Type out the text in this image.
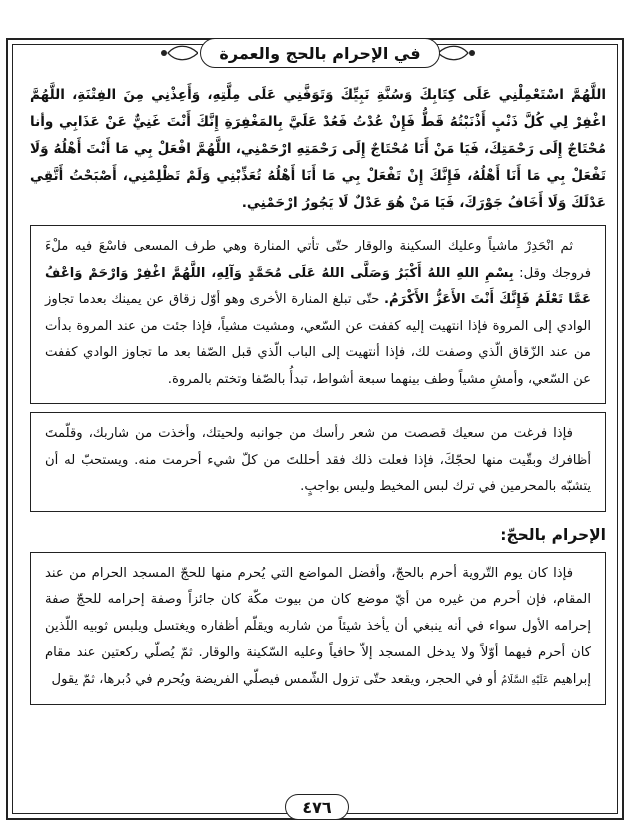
في الإحرام بالحج والعمرة

اللَّهُمَّ اسْتَعْمِلْنِي عَلَى كِتَابِكَ وَسُنَّةِ نَبِيِّكَ وَتَوَفَّنِي عَلَى مِلَّتِهِ، وَأَعِذْنِي مِنَ الفِتْنَةِ، اللَّهُمَّ اغْفِرْ لِي كُلَّ ذَنْبٍ أَذْنَبْتُهُ قَطُّ فَإِنْ عُدْتُ فَعُدْ عَلَيَّ بِالمَغْفِرَةِ إِنَّكَ أَنْتَ غَنِيٌّ عَنْ عَذَابِي وأنا مُحْتَاجٌ إِلَى رَحْمَتِكَ، فَيَا مَنْ أَنَا مُحْتَاجٌ إِلَى رَحْمَتِهِ ارْحَمْنِي، اللَّهُمَّ افْعَلْ بِي مَا أَنْتَ أَهْلُهُ وَلَا تَفْعَلْ بِي مَا أَنَا أَهْلُهُ، فَإِنَّكَ إِنْ تَفْعَلْ بِي مَا أَنَا أَهْلُهُ تُعَذِّبْنِي وَلَمْ تَظْلِمْنِي، أَصْبَحْتُ أَتَّقِي عَدْلَكَ وَلَا أَخَافُ جَوْرَكَ، فَيَا مَنْ هُوَ عَدْلٌ لَا يَجُورُ ارْحَمْنِي.

ثم انْحَدِرْ ماشياً وعليك السكينة والوقار حتّى تأتي المنارة وهي طرف المسعى فاسْعَ فيه ملْءَ فروجك وقل: بِسْمِ اللهِ اللهُ أَكْبَرُ وَصَلَّى اللهُ عَلَى مُحَمَّدٍ وَآلِهِ، اللَّهُمَّ اغْفِرْ وَارْحَمْ وَاعْفُ عَمَّا تَعْلَمُ فَإِنَّكَ أَنْتَ الأَعَزُّ الأَكْرَمُ. حتّى تبلغ المنارة الأخرى وهو أوّل زقاق عن يمينك بعدما تجاوز الوادي إلى المروة فإذا انتهيت إليه كففت عن السّعي، ومشيت مشياً، فإذا جئت من عند المروة بدأت من عند الزّقاق الّذي وصفت لك، فإذا أنتهيت إلى الباب الّذي قبل الصّفا بعد ما تجاوز الوادي كففت عن السّعي، وأمشِ مشياً وطف بينهما سبعة أشواط، تبدأُ بالصّفا وتختم بالمروة.

فإذا فرغت من سعيك قصصت من شعر رأسك من جوانبه ولحيتك، وأخذت من شاربك، وقلّمتَ أظافرك وبقّيت منها لحجّكَ، فإذا فعلت ذلك فقد أحللتَ من كلّ شيء أحرمت منه. ويستحبّ له أن يتشبّه بالمحرمين في ترك لبس المخيط وليس بواجبٍ.

الإحرام بالحجّ:

فإذا كان يوم التّروية أحرم بالحجّ، وأفضل المواضع التي يُحرم منها للحجّ المسجد الحرام من عند المقام، فإن أحرم من غيره من أيّ موضع كان من بيوت مكّة كان جائزاً وصفة إحرامه للحجّ صفة إحرامه الأول سواء في أنه ينبغي أن يأخذ شيئاً من شاربه ويقلّم أظفاره ويغتسل ويلبس ثوبيه اللّذين كان أحرم فيهما أوّلاً ولا يدخل المسجد إلاّ حافياً وعليه السّكينة والوقار. ثمّ يُصلّي ركعتين عند مقام إبراهيم عَلَيْهِ السَّلَامُ أو في الحجر، ويقعد حتّى تزول الشّمس فيصلّي الفريضة ويُحرم في دُبرها، ثمّ يقول

٤٧٦
